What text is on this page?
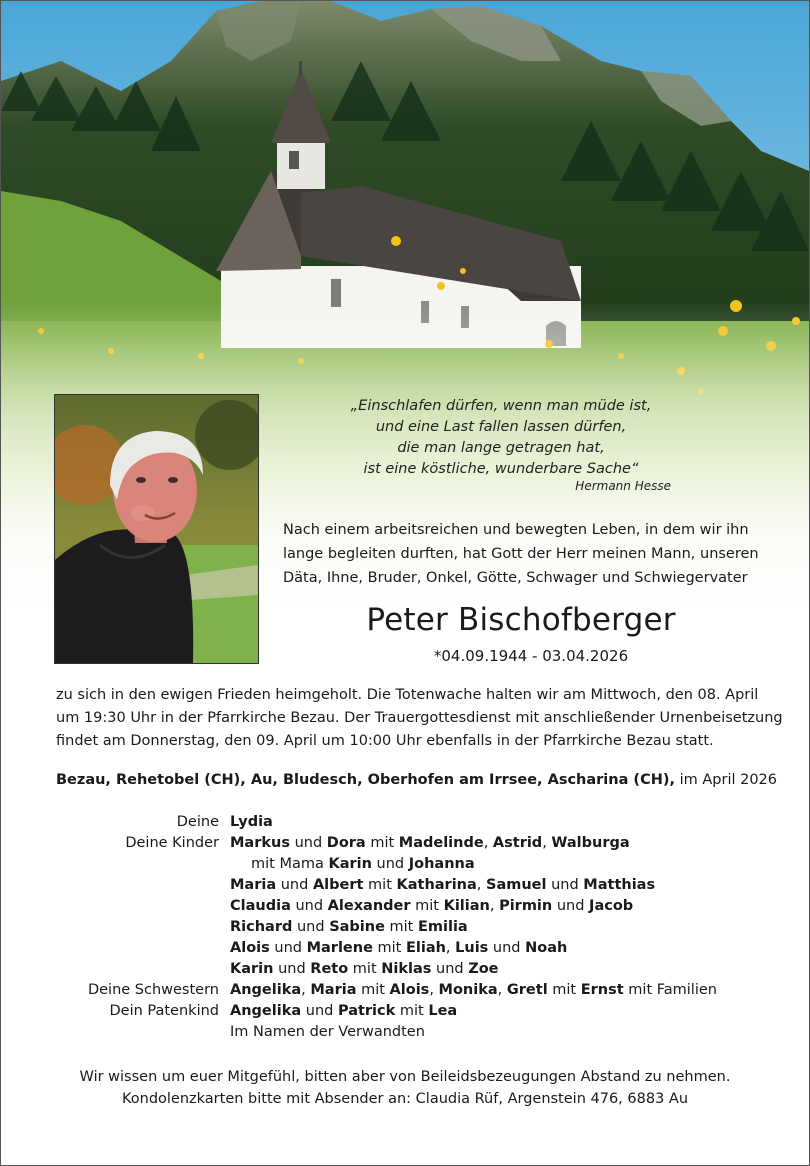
„Einschlafen dürfen, wenn man müde ist,
und eine Last fallen lassen dürfen,
die man lange getragen hat,
ist eine köstliche, wunderbare Sache“
Hermann Hesse
Nach einem arbeitsreichen und bewegten Leben, in dem wir ihn
lange begleiten durften, hat Gott der Herr meinen Mann, unseren
Däta, Ihne, Bruder, Onkel, Götte, Schwager und Schwiegervater
Peter Bischofberger
*04.09.1944 - 03.04.2026
zu sich in den ewigen Frieden heimgeholt. Die Totenwache halten wir am Mittwoch, den 08. April
um 19:30 Uhr in der Pfarrkirche Bezau. Der Trauergottesdienst mit anschließender Urnenbeisetzung
findet am Donnerstag, den 09. April um 10:00 Uhr ebenfalls in der Pfarrkirche Bezau statt.
Bezau, Rehetobel (CH), Au, Bludesch, Oberhofen am Irrsee, Ascharina (CH), im April 2026
Deine Lydia
Deine Kinder Markus und Dora mit Madelinde, Astrid, Walburga
mit Mama Karin und Johanna
Maria und Albert mit Katharina, Samuel und Matthias
Claudia und Alexander mit Kilian, Pirmin und Jacob
Richard und Sabine mit Emilia
Alois und Marlene mit Eliah, Luis und Noah
Karin und Reto mit Niklas und Zoe
Deine Schwestern Angelika, Maria mit Alois, Monika, Gretl mit Ernst mit Familien
Dein Patenkind Angelika und Patrick mit Lea
Im Namen der Verwandten
Wir wissen um euer Mitgefühl, bitten aber von Beileidsbezeugungen Abstand zu nehmen.
Kondolenzkarten bitte mit Absender an: Claudia Rüf, Argenstein 476, 6883 Au
